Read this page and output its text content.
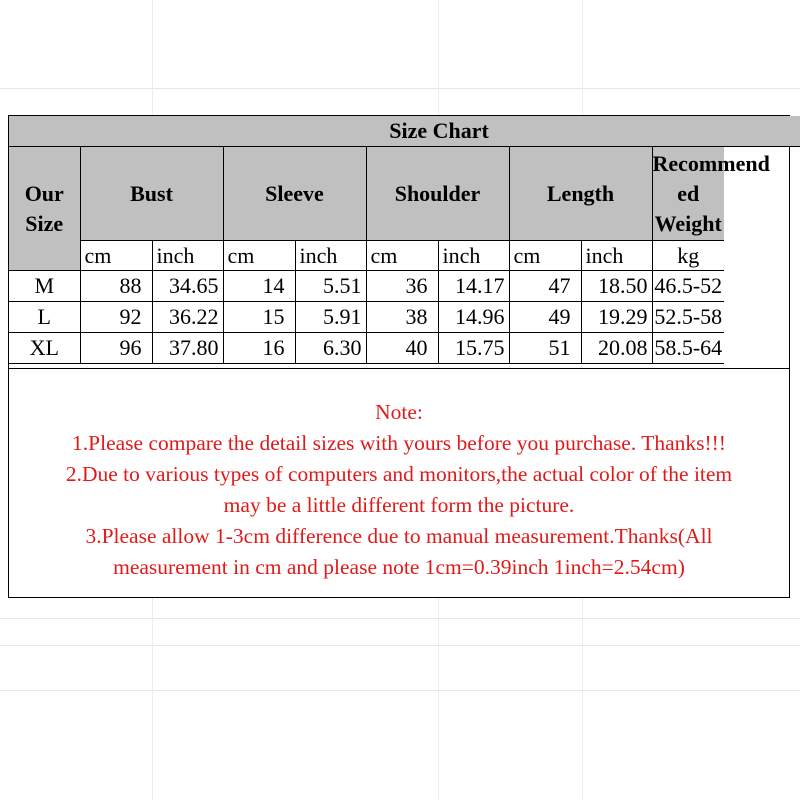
Size Chart									
Our
Size	Bust		Sleeve		Shoulder		Length		Recommend
ed Weight
	cm	inch	cm	inch	cm	inch	cm	inch	kg
M	88	34.65	14	5.51	36	14.17	47	18.50	46.5-52
L	92	36.22	15	5.91	38	14.96	49	19.29	52.5-58
XL	96	37.80	16	6.30	40	15.75	51	20.08	58.5-64
Note:
1.Please compare the detail sizes with yours before you purchase. Thanks!!!
2.Due to various types of computers and monitors,the actual color of the item
may be a little different form the picture.
3.Please allow 1-3cm difference due to manual measurement.Thanks(All
measurement in cm and please note 1cm=0.39inch 1inch=2.54cm)
